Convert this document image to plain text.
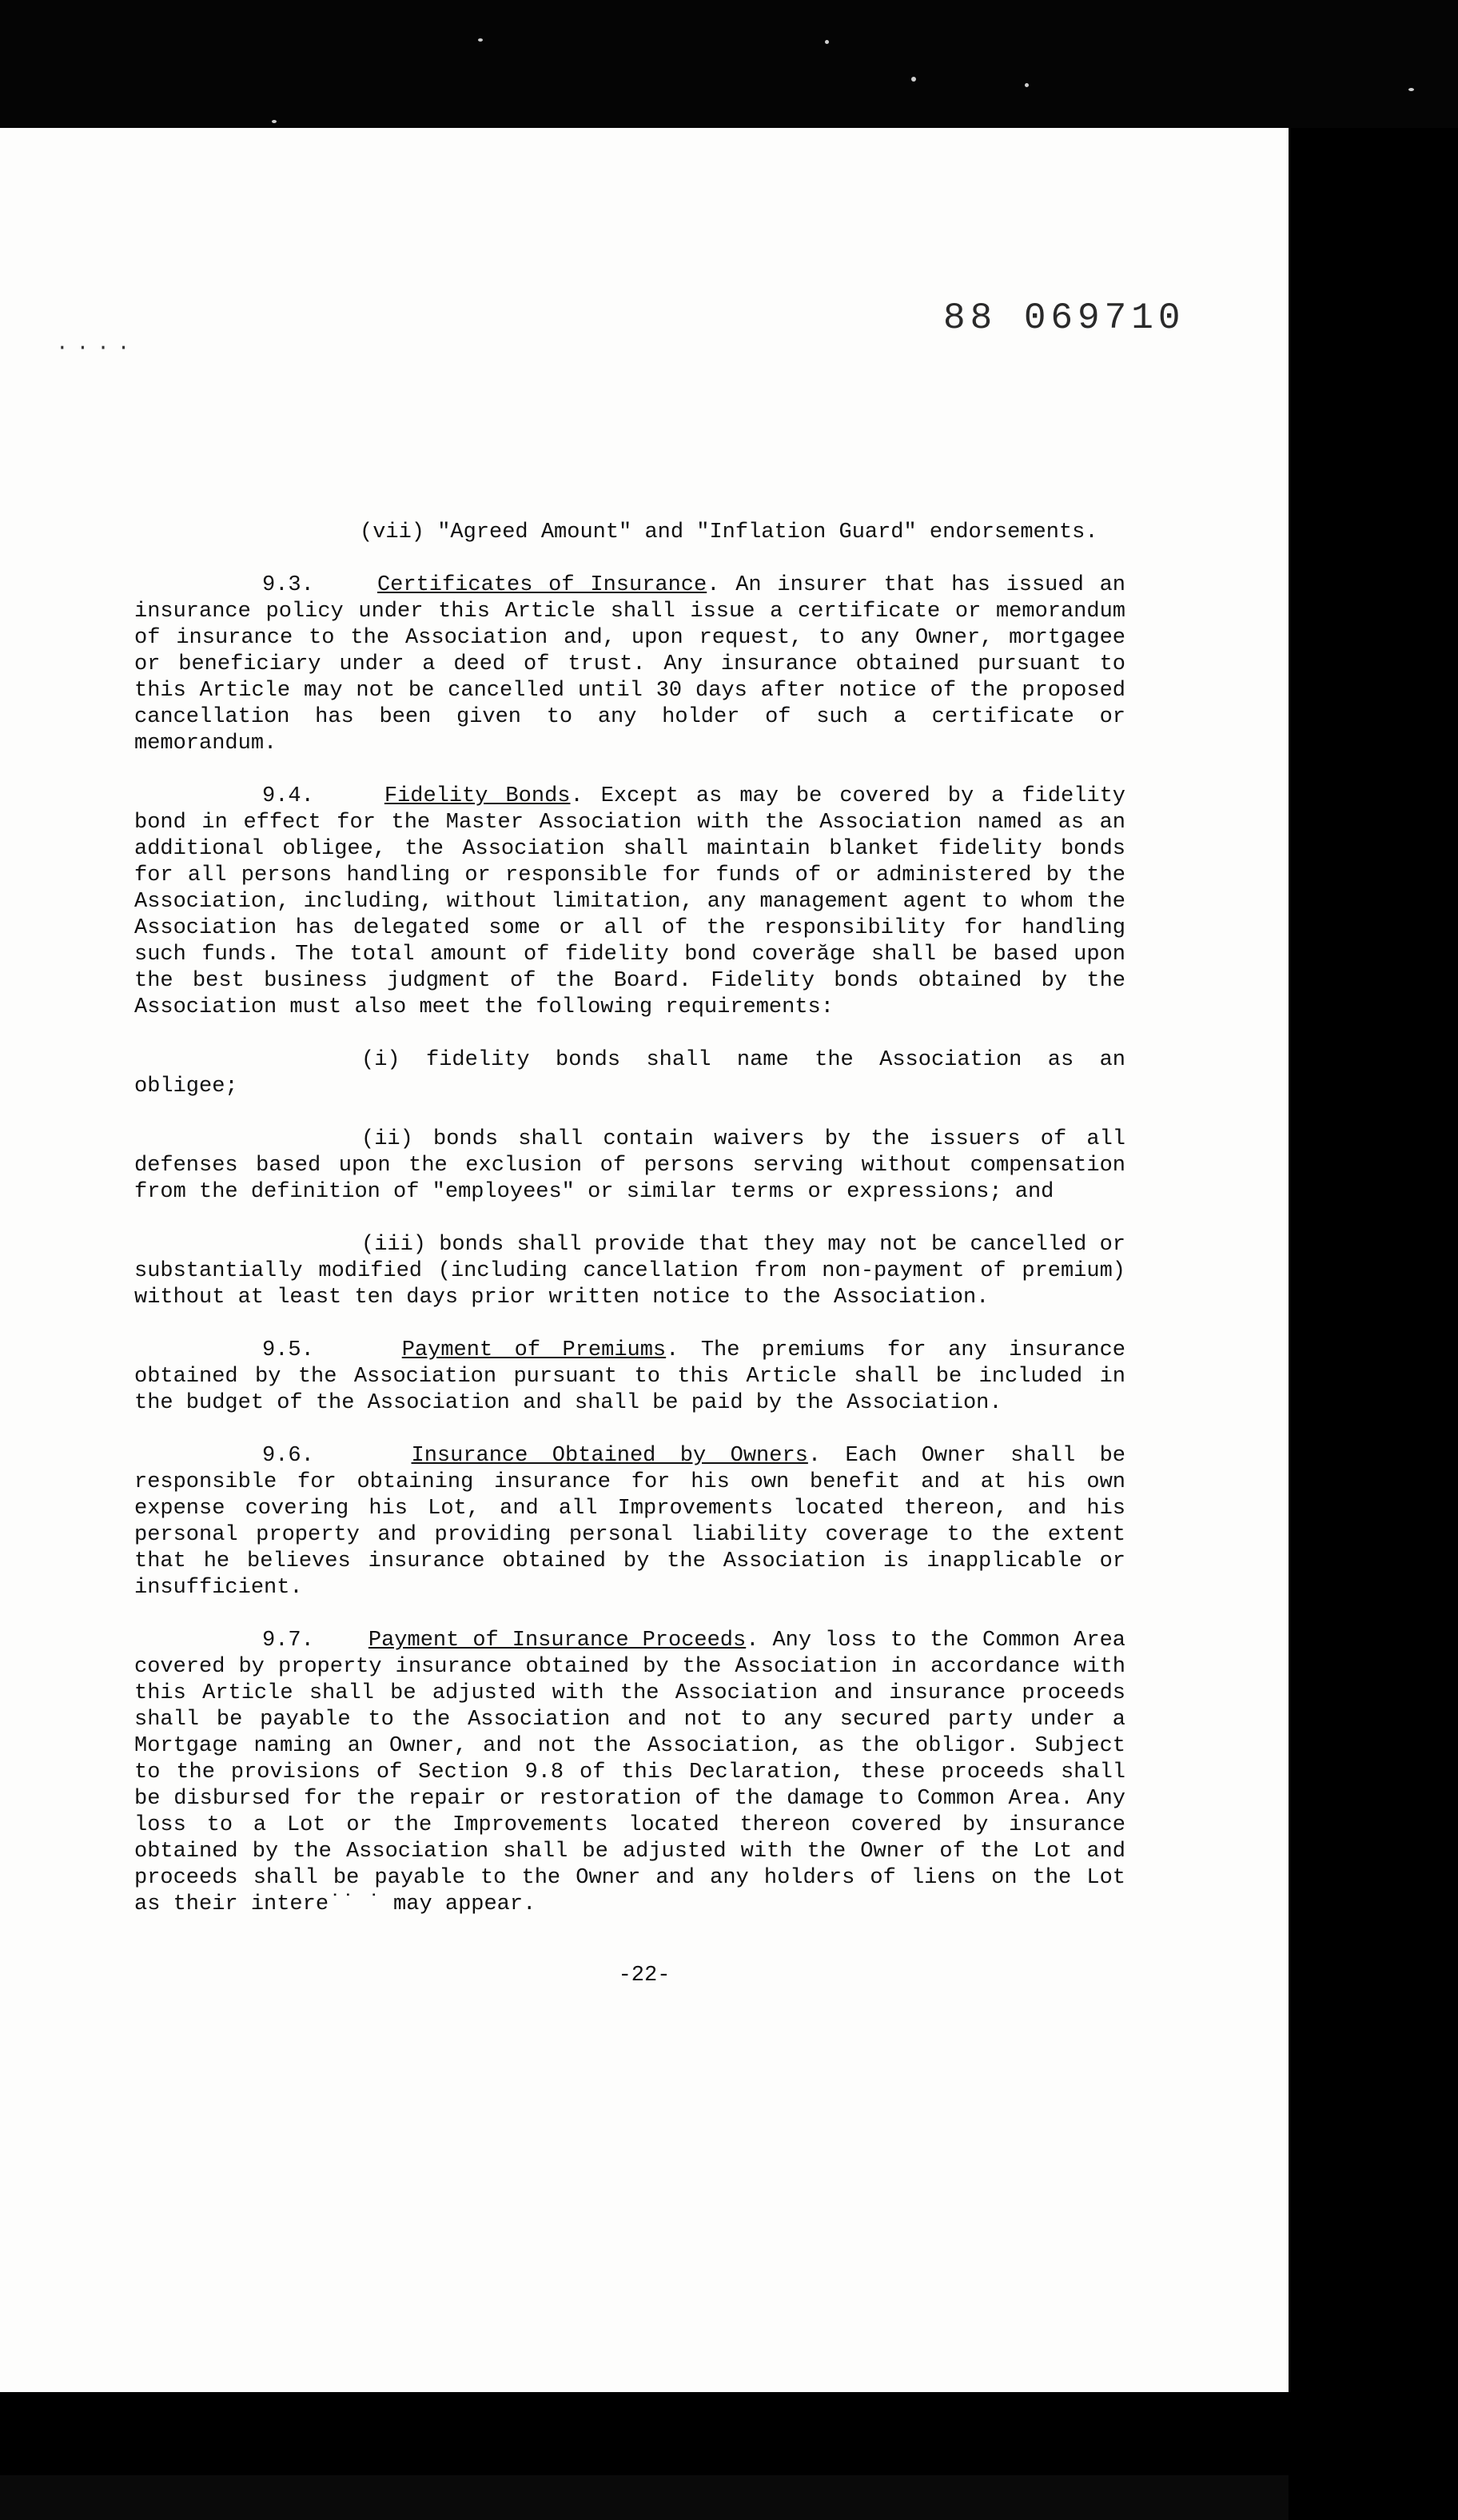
88 069710
····

(vii) "Agreed Amount" and "Inflation Guard" endorsements.

9.3.	Certificates of Insurance. An insurer that has issued an insurance policy under this Article shall issue a certificate or memorandum of insurance to the Association and, upon request, to any Owner, mortgagee or beneficiary under a deed of trust. Any insurance obtained pursuant to this Article may not be cancelled until 30 days after notice of the proposed cancellation has been given to any holder of such a certificate or memorandum.

9.4.	Fidelity Bonds. Except as may be covered by a fidelity bond in effect for the Master Association with the Association named as an additional obligee, the Association shall maintain blanket fidelity bonds for all persons handling or responsible for funds of or administered by the Association, including, without limitation, any management agent to whom the Association has delegated some or all of the responsibility for handling such funds. The total amount of fidelity bond coverăge shall be based upon the best business judgment of the Board. Fidelity bonds obtained by the Association must also meet the following requirements:

(i) fidelity bonds shall name the Association as an obligee;

(ii) bonds shall contain waivers by the issuers of all defenses based upon the exclusion of persons serving without compensation from the definition of "employees" or similar terms or expressions; and

(iii) bonds shall provide that they may not be cancelled or substantially modified (including cancellation from non-payment of premium) without at least ten days prior written notice to the Association.

9.5.	Payment of Premiums. The premiums for any insurance obtained by the Association pursuant to this Article shall be included in the budget of the Association and shall be paid by the Association.

9.6.	Insurance Obtained by Owners. Each Owner shall be responsible for obtaining insurance for his own benefit and at his own expense covering his Lot, and all Improvements located thereon, and his personal property and providing personal liability coverage to the extent that he believes insurance obtained by the Association is inapplicable or insufficient.

9.7.	Payment of Insurance Proceeds. Any loss to the Common Area covered by property insurance obtained by the Association in accordance with this Article shall be adjusted with the Association and insurance proceeds shall be payable to the Association and not to any secured party under a Mortgage naming an Owner, and not the Association, as the obligor. Subject to the provisions of Section 9.8 of this Declaration, these proceeds shall be disbursed for the repair or restoration of the damage to Common Area. Any loss to a Lot or the Improvements located thereon covered by insurance obtained by the Association shall be adjusted with the Owner of the Lot and proceeds shall be payable to the Owner and any holders of liens on the Lot as their intere˙˙ ˙ may appear.

-22-
